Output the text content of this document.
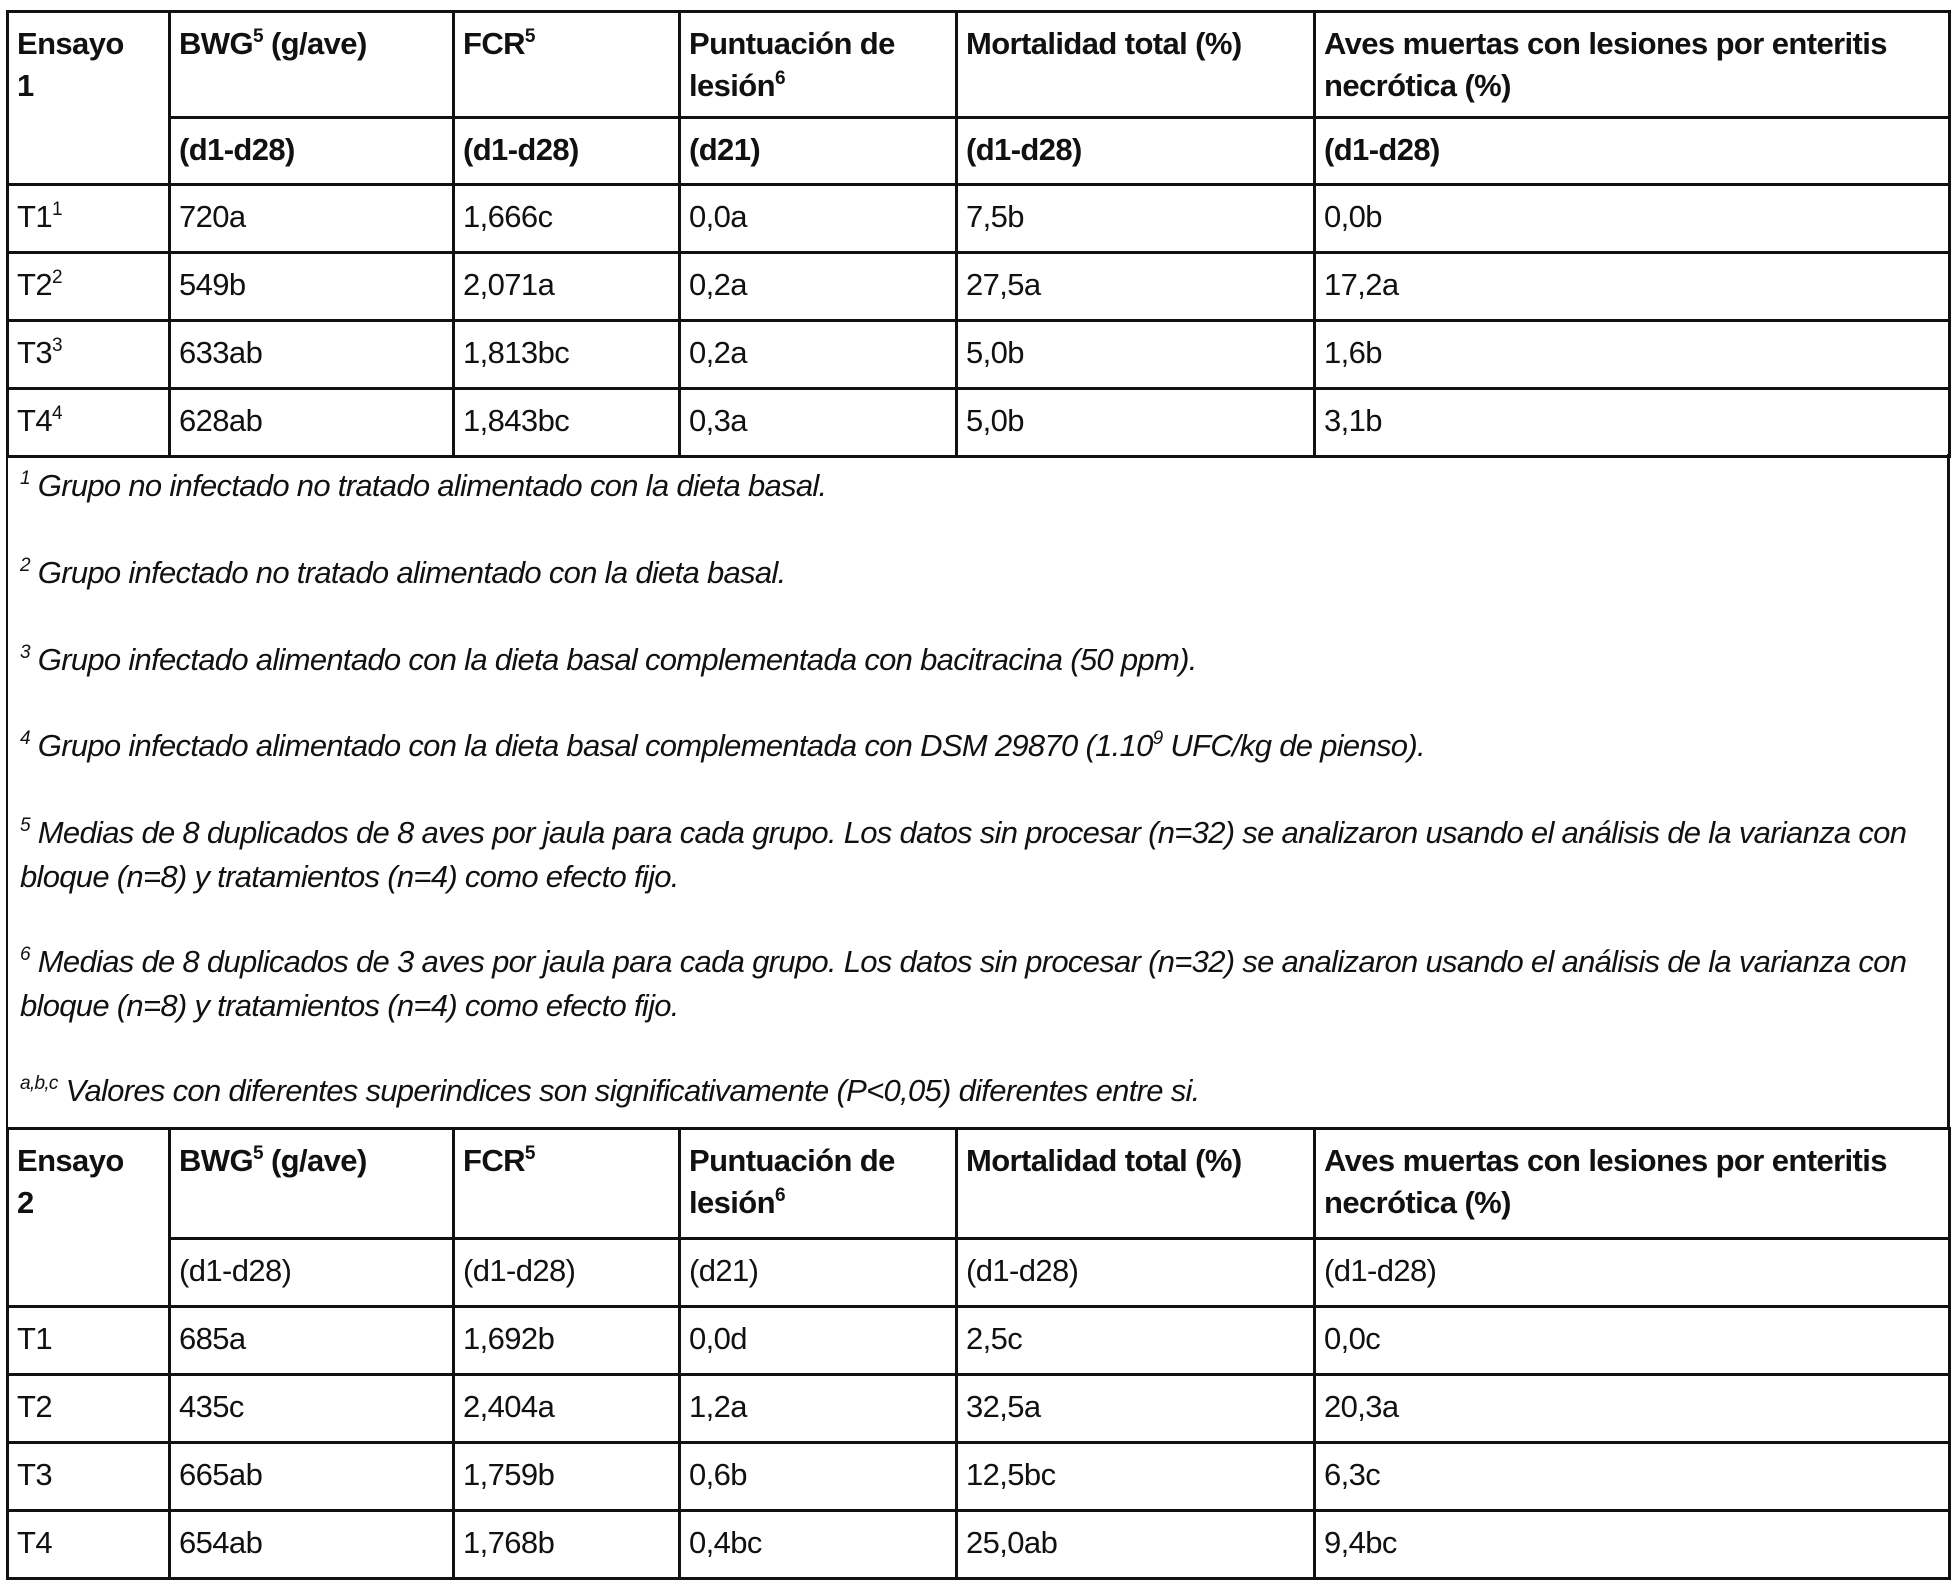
Ensayo
1	BWG5 (g/ave)	FCR5	Puntuación de lesión6	Mortalidad total (%)	Aves muertas con lesiones por enteritis necrótica (%)
(d1-d28)	(d1-d28)	(d21)	(d1-d28)	(d1-d28)
T11	720a	1,666c	0,0a	7,5b	0,0b
T22	549b	2,071a	0,2a	27,5a	17,2a
T33	633ab	1,813bc	0,2a	5,0b	1,6b
T44	628ab	1,843bc	0,3a	5,0b	3,1b
1 Grupo no infectado no tratado alimentado con la dieta basal.
2 Grupo infectado no tratado alimentado con la dieta basal.
3 Grupo infectado alimentado con la dieta basal complementada con bacitracina (50 ppm).
4 Grupo infectado alimentado con la dieta basal complementada con DSM 29870 (1.109 UFC/kg de pienso).
5 Medias de 8 duplicados de 8 aves por jaula para cada grupo. Los datos sin procesar (n=32) se analizaron usando el análisis de la varianza con bloque (n=8) y tratamientos (n=4) como efecto fijo.
6 Medias de 8 duplicados de 3 aves por jaula para cada grupo. Los datos sin procesar (n=32) se analizaron usando el análisis de la varianza con bloque (n=8) y tratamientos (n=4) como efecto fijo.
a,b,c Valores con diferentes superindices son significativamente (P<0,05) diferentes entre si.
Ensayo
2	BWG5 (g/ave)	FCR5	Puntuación de lesión6	Mortalidad total (%)	Aves muertas con lesiones por enteritis necrótica (%)
(d1-d28)	(d1-d28)	(d21)	(d1-d28)	(d1-d28)
T1	685a	1,692b	0,0d	2,5c	0,0c
T2	435c	2,404a	1,2a	32,5a	20,3a
T3	665ab	1,759b	0,6b	12,5bc	6,3c
T4	654ab	1,768b	0,4bc	25,0ab	9,4bc
